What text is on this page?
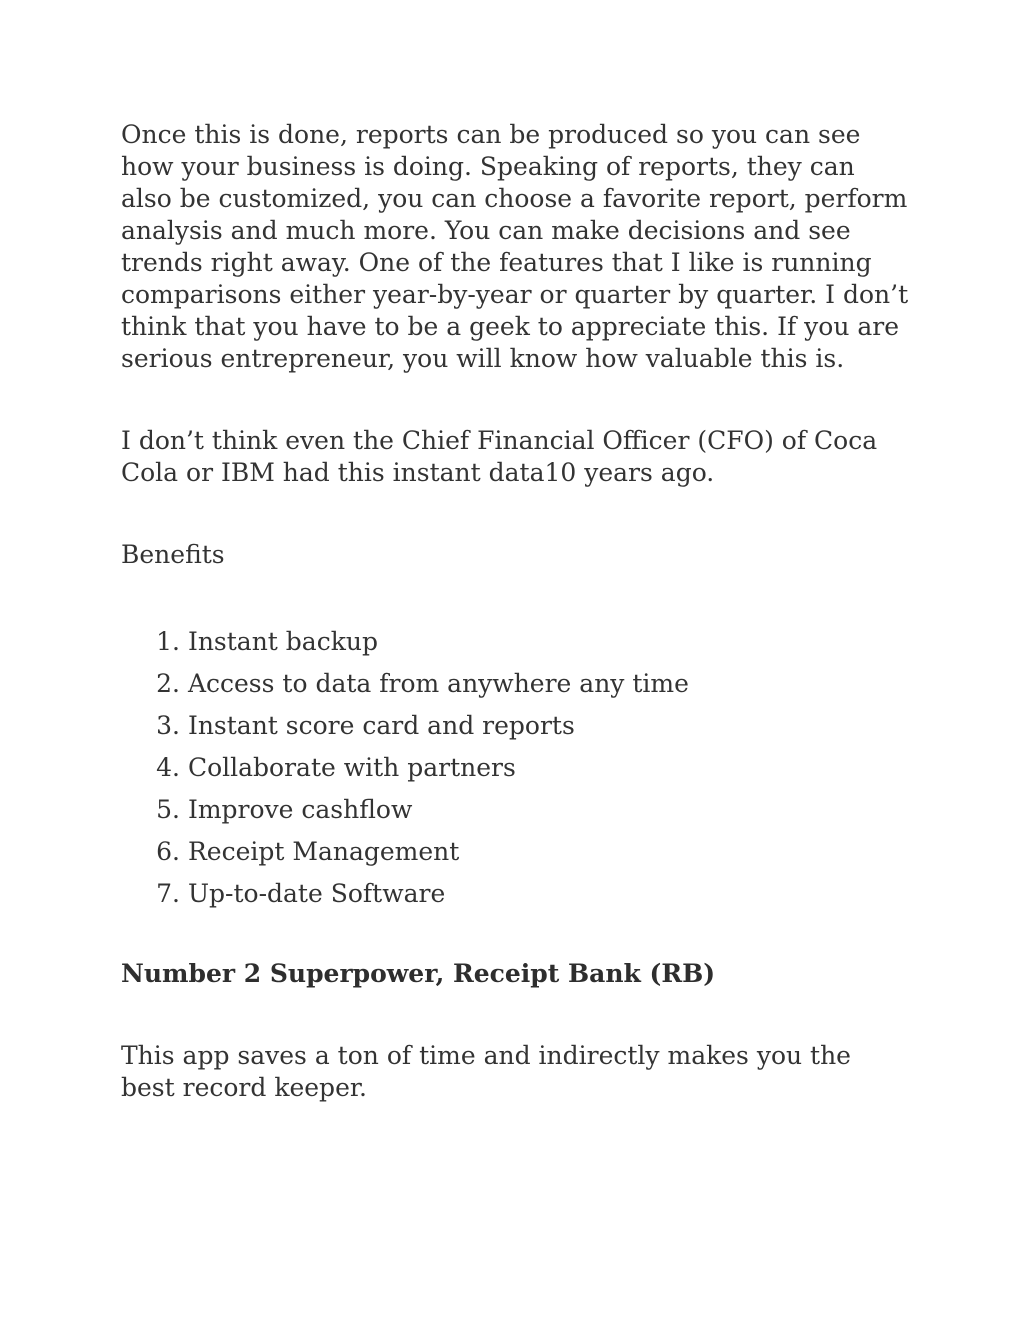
Once this is done, reports can be produced so you can see how your business is doing. Speaking of reports, they can also be customized, you can choose a favorite report, perform analysis and much more. You can make decisions and see trends right away. One of the features that I like is running comparisons either year-by-year or quarter by quarter. I don’t think that you have to be a geek to appreciate this. If you are serious entrepreneur, you will know how valuable this is.

I don’t think even the Chief Financial Officer (CFO) of Coca Cola or IBM had this instant data10 years ago.

Benefits

1. Instant backup
2. Access to data from anywhere any time
3. Instant score card and reports
4. Collaborate with partners
5. Improve cashflow
6. Receipt Management
7. Up-to-date Software

Number 2 Superpower, Receipt Bank (RB)

This app saves a ton of time and indirectly makes you the best record keeper.
